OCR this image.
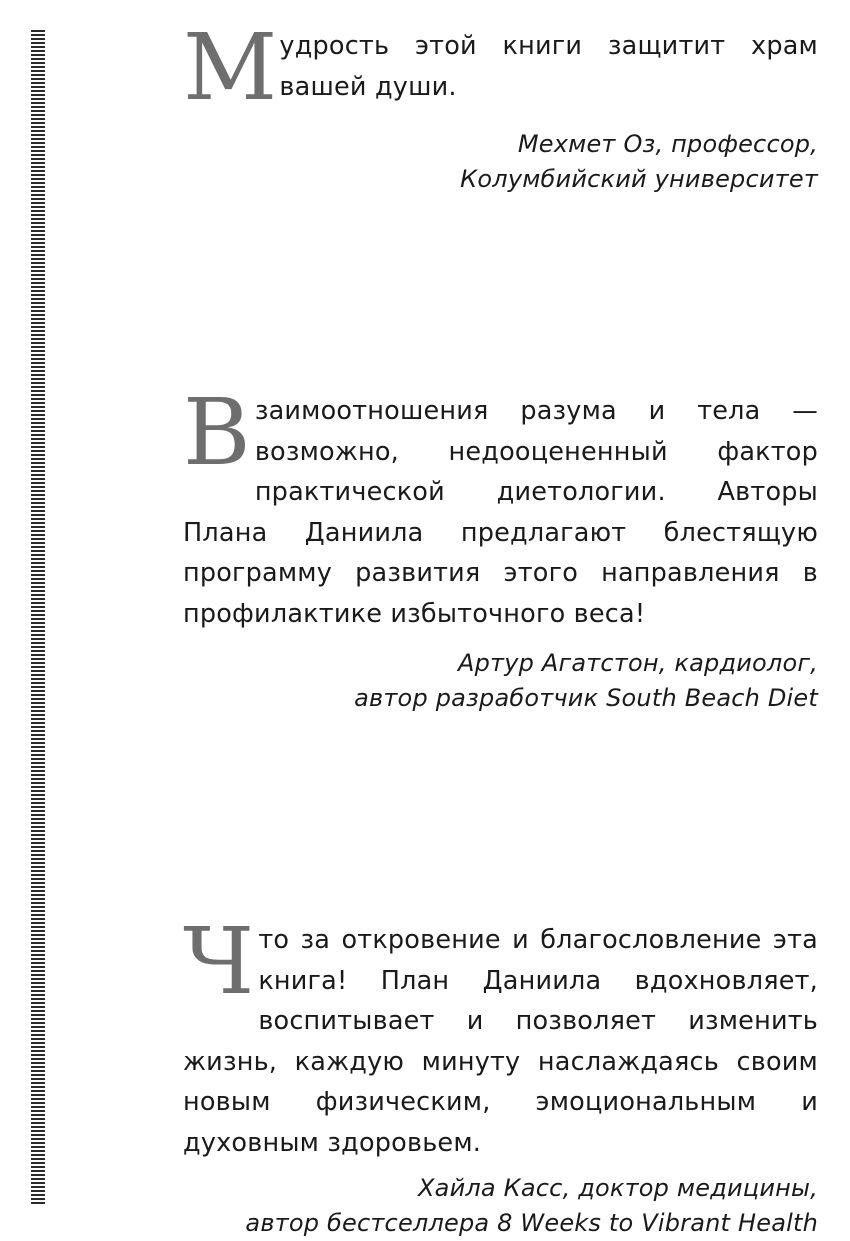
Мудрость этой книги защитит храм вашей души.

Мехмет Оз, профессор,
Колумбийский университет

Взаимоотношения разума и тела — возможно, недооцененный фактор практической диетологии. Авторы Плана Даниила предлагают блестящую программу развития этого направления в профилактике избыточного веса!

Артур Агатстон, кардиолог,
автор разработчик South Beach Diet

Что за откровение и благословление эта книга! План Даниила вдохновляет, воспитывает и позволяет изменить жизнь, каждую минуту наслаждаясь своим новым физическим, эмоциональным и духовным здоровьем.

Хайла Касс, доктор медицины,
автор бестселлера 8 Weeks to Vibrant Health
